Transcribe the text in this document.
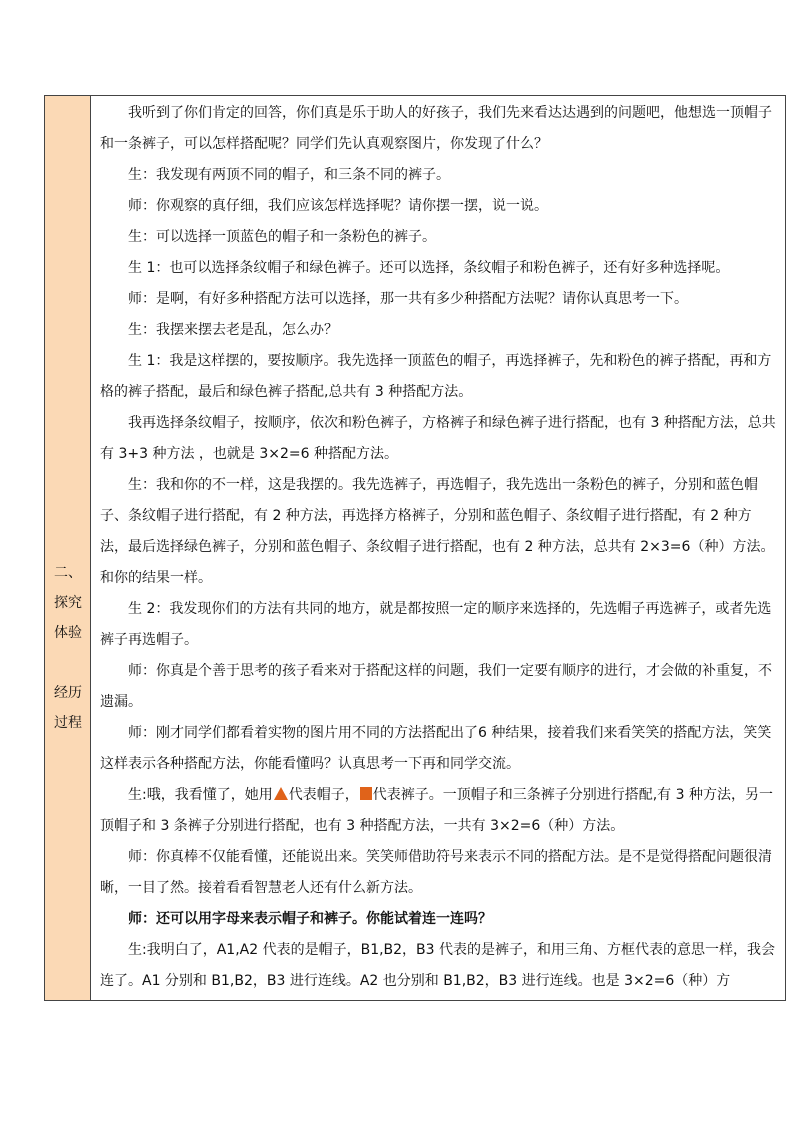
二、
探究
体验
经历
过程

我听到了你们肯定的回答，你们真是乐于助人的好孩子，我们先来看达达遇到的问题吧，他想选一顶帽子和一条裤子，可以怎样搭配呢？同学们先认真观察图片，你发现了什么？

生：我发现有两顶不同的帽子，和三条不同的裤子。

师：你观察的真仔细，我们应该怎样选择呢？请你摆一摆，说一说。

生：可以选择一顶蓝色的帽子和一条粉色的裤子。

生 1：也可以选择条纹帽子和绿色裤子。还可以选择，条纹帽子和粉色裤子，还有好多种选择呢。

师：是啊，有好多种搭配方法可以选择，那一共有多少种搭配方法呢？请你认真思考一下。

生：我摆来摆去老是乱，怎么办？

生 1：我是这样摆的，要按顺序。我先选择一顶蓝色的帽子，再选择裤子，先和粉色的裤子搭配，再和方格的裤子搭配，最后和绿色裤子搭配,总共有 3 种搭配方法。

我再选择条纹帽子，按顺序，依次和粉色裤子，方格裤子和绿色裤子进行搭配，也有 3 种搭配方法，总共有 3+3 种方法 ，也就是 3×2=6 种搭配方法。

生：我和你的不一样，这是我摆的。我先选裤子，再选帽子，我先选出一条粉色的裤子，分别和蓝色帽子、条纹帽子进行搭配，有 2 种方法，再选择方格裤子，分别和蓝色帽子、条纹帽子进行搭配，有 2 种方法，最后选择绿色裤子，分别和蓝色帽子、条纹帽子进行搭配，也有 2 种方法，总共有 2×3=6（种）方法。和你的结果一样。

生 2：我发现你们的方法有共同的地方，就是都按照一定的顺序来选择的，先选帽子再选裤子，或者先选裤子再选帽子。

师：你真是个善于思考的孩子看来对于搭配这样的问题，我们一定要有顺序的进行，才会做的补重复，不遗漏。

师：刚才同学们都看着实物的图片用不同的方法搭配出了6 种结果，接着我们来看笑笑的搭配方法，笑笑这样表示各种搭配方法，你能看懂吗？认真思考一下再和同学交流。

生:哦，我看懂了，她用 代表帽子， 代表裤子。一顶帽子和三条裤子分别进行搭配,有 3 种方法，另一顶帽子和 3 条裤子分别进行搭配，也有 3 种搭配方法，一共有 3×2=6（种）方法。

师：你真棒不仅能看懂，还能说出来。笑笑师借助符号来表示不同的搭配方法。是不是觉得搭配问题很清晰，一目了然。接着看看智慧老人还有什么新方法。

师：还可以用字母来表示帽子和裤子。你能试着连一连吗？

生:我明白了，A1,A2 代表的是帽子，B1,B2，B3 代表的是裤子，和用三角、方框代表的意思一样，我会连了。A1 分别和 B1,B2，B3 进行连线。A2 也分别和 B1,B2，B3 进行连线。也是 3×2=6（种）方
